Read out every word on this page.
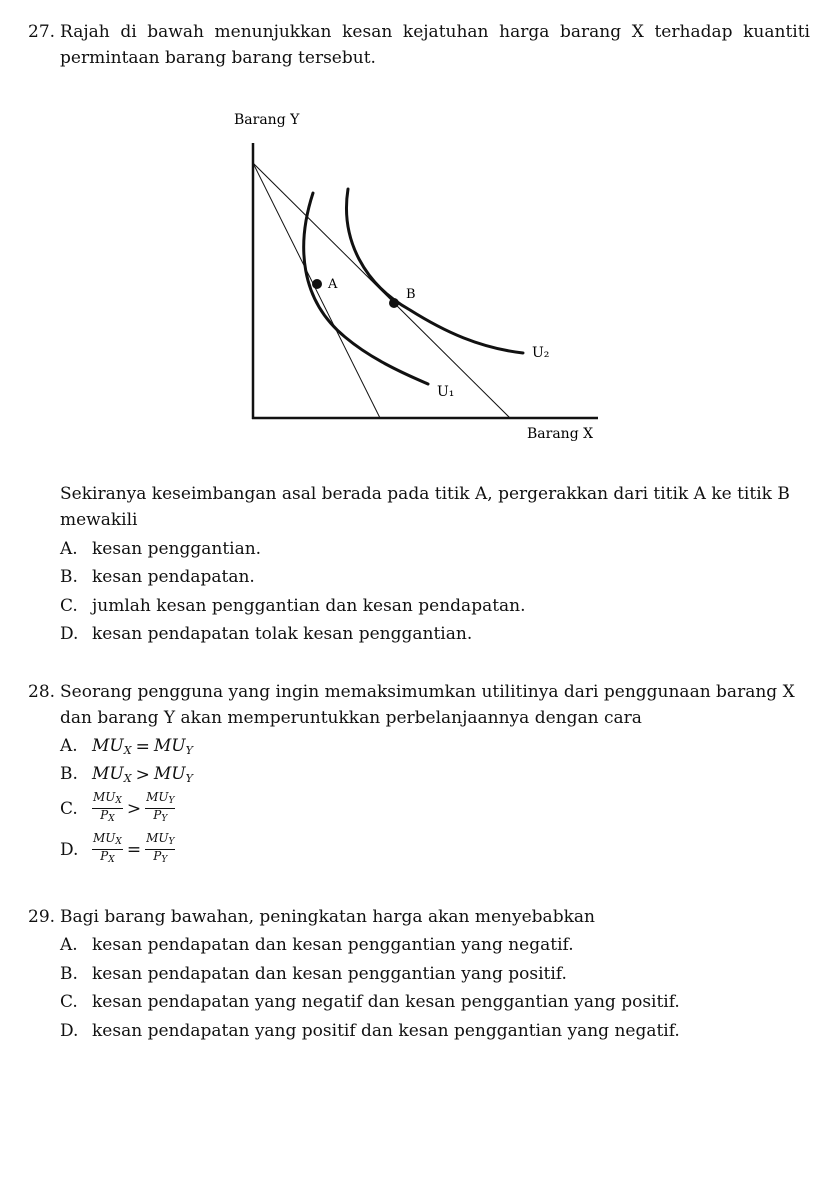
27. Rajah di bawah menunjukkan kesan kejatuhan harga barang X terhadap kuantiti permintaan barang barang tersebut.
Barang Y
Barang X
A
B
U₁
U₂
Sekiranya keseimbangan asal berada pada titik A, pergerakkan dari titik A ke titik B mewakili
A. kesan penggantian.
B. kesan pendapatan.
C. jumlah kesan penggantian dan kesan pendapatan.
D. kesan pendapatan tolak kesan penggantian.
28. Seorang pengguna yang ingin memaksimumkan utilitinya dari penggunaan barang X dan barang Y akan memperuntukkan perbelanjaannya dengan cara
A. $MU_X = MU_Y$
B. $MU_X > MU_Y$
C. $\frac{MU_X}{P_X} > \frac{MU_Y}{P_Y}$
D. $\frac{MU_X}{P_X} = \frac{MU_Y}{P_Y}$
29. Bagi barang bawahan, peningkatan harga akan menyebabkan
A. kesan pendapatan dan kesan penggantian yang negatif.
B. kesan pendapatan dan kesan penggantian yang positif.
C. kesan pendapatan yang negatif dan kesan penggantian yang positif.
D. kesan pendapatan yang positif dan kesan penggantian yang negatif.
